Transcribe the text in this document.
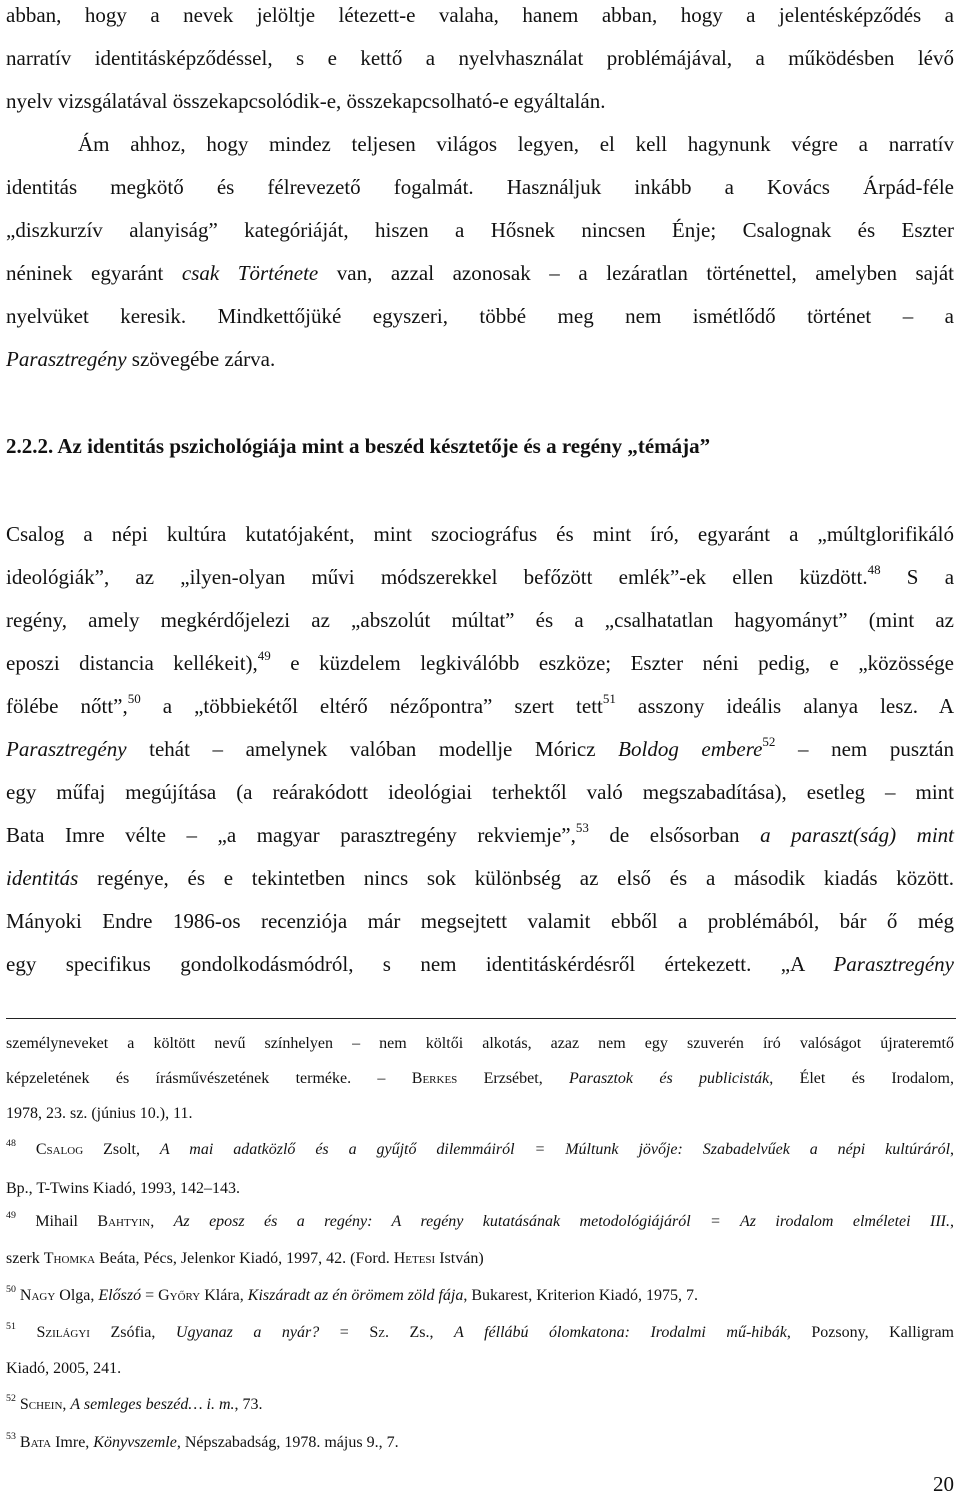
abban, hogy a nevek jelöltje létezett-e valaha, hanem abban, hogy a jelentésképződés a
narratív identitásképződéssel, s e kettő a nyelvhasználat problémájával, a működésben lévő
nyelv vizsgálatával összekapcsolódik-e, összekapcsolható-e egyáltalán.
Ám ahhoz, hogy mindez teljesen világos legyen, el kell hagynunk végre a narratív
identitás megkötő és félrevezető fogalmát. Használjuk inkább a Kovács Árpád-féle
„diszkurzív alanyiság” kategóriáját, hiszen a Hősnek nincsen Énje; Csalognak és Eszter
néninek egyaránt csak Története van, azzal azonosak – a lezáratlan történettel, amelyben saját
nyelvüket keresik. Mindkettőjüké egyszeri, többé meg nem ismétlődő történet – a
Parasztregény szövegébe zárva.
2.2.2. Az identitás pszichológiája mint a beszéd késztetője és a regény „témája”
Csalog a népi kultúra kutatójaként, mint szociográfus és mint író, egyaránt a „múltglorifikáló
ideológiák”, az „ilyen-olyan művi módszerekkel befőzött emlék”-ek ellen küzdött.$^{48}$ S a
regény, amely megkérdőjelezi az „abszolút múltat” és a „csalhatatlan hagyományt” (mint az
eposzi distancia kellékeit),$^{49}$ e küzdelem legkiválóbb eszköze; Eszter néni pedig, e „közössége
fölébe nőtt”,$^{50}$ a „többiekétől eltérő nézőpontra” szert tett$^{51}$ asszony ideális alanya lesz. A
Parasztregény tehát – amelynek valóban modellje Móricz Boldog embere$^{52}$ – nem pusztán
egy műfaj megújítása (a reárakódott ideológiai terhektől való megszabadítása), esetleg – mint
Bata Imre vélte – „a magyar parasztregény rekviemje”,$^{53}$ de elsősorban a paraszt(ság) mint
identitás regénye, és e tekintetben nincs sok különbség az első és a második kiadás között.
Mányoki Endre 1986-os recenziója már megsejtett valamit ebből a problémából, bár ő még
egy specifikus gondolkodásmódról, s nem identitáskérdésről értekezett. „A Parasztregény
személyneveket a költött nevű színhelyen – nem költői alkotás, azaz nem egy szuverén író valóságot újrateremtő
képzeletének és írásművészetének terméke. – Berkes Erzsébet, Parasztok és publicisták, Élet és Irodalom,
1978, 23. sz. (június 10.), 11.
$^{48}$ Csalog Zsolt, A mai adatközlő és a gyűjtő dilemmáiról = Múltunk jövője: Szabadelvűek a népi kultúráról,
Bp., T-Twins Kiadó, 1993, 142–143.
$^{49}$ Mihail Bahtyin, Az eposz és a regény: A regény kutatásának metodológiájáról = Az irodalom elméletei III.,
szerk Thomka Beáta, Pécs, Jelenkor Kiadó, 1997, 42. (Ford. Hetesi István)
$^{50}$ Nagy Olga, Előszó = Győry Klára, Kiszáradt az én örömem zöld fája, Bukarest, Kriterion Kiadó, 1975, 7.
$^{51}$ Szilágyi Zsófia, Ugyanaz a nyár? = Sz. Zs., A féllábú ólomkatona: Irodalmi mű-hibák, Pozsony, Kalligram
Kiadó, 2005, 241.
$^{52}$ Schein, A semleges beszéd… i. m., 73.
$^{53}$ Bata Imre, Könyvszemle, Népszabadság, 1978. május 9., 7.
20
